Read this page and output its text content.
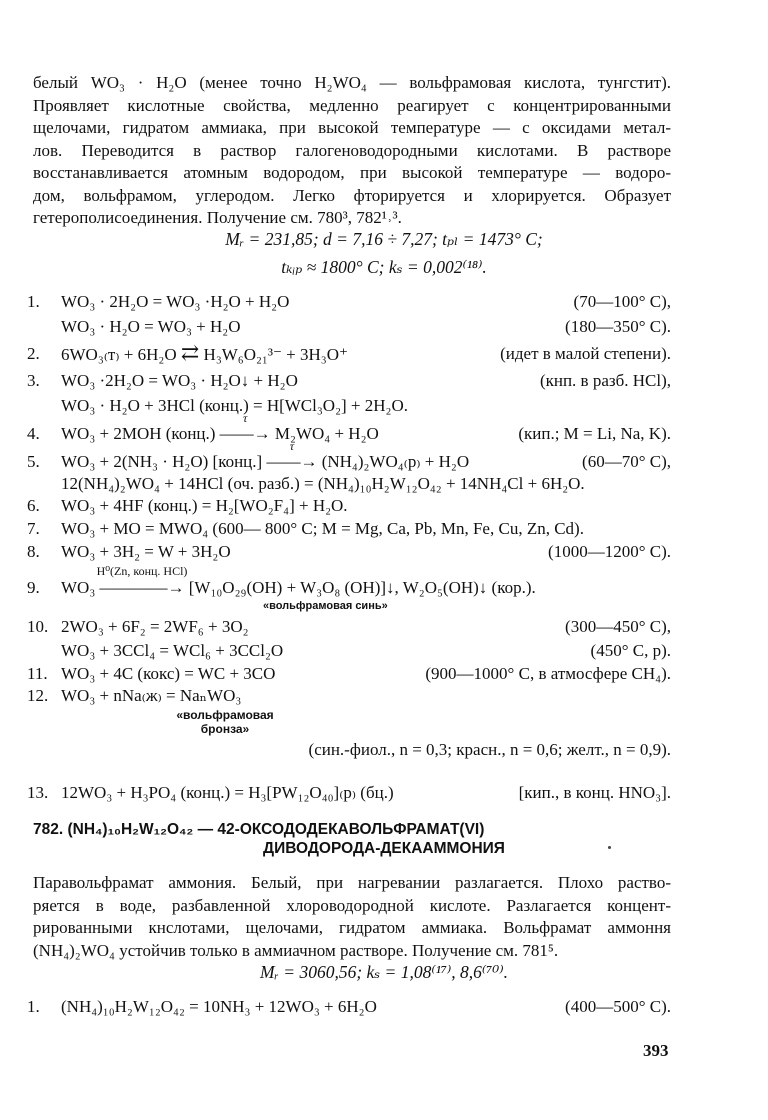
белый WO₃ · H₂O (менее точно H₂WO₄ — вольфрамовая кислота, тунгстит).
Проявляет кислотные свойства, медленно реагирует с концентрированными
щелочами, гидратом аммиака, при высокой температуре — с оксидами метал-
лов. Переводится в раствор галогеноводородными кислотами. В растворе
восстанавливается атомным водородом, при высокой температуре — водоро-
дом, вольфрамом, углеродом. Легко фторируется и хлорируется. Образует
гетерополисоединения. Получение см. 780³, 782¹˒³.
Mᵣ = 231,85; d = 7,16 ÷ 7,27; tₚₗ = 1473° C;
tₖᵢₚ ≈ 1800° C; kₛ = 0,002⁽¹⁸⁾.
1. WO₃ · 2H₂O = WO₃ ·H₂O + H₂O	(70—100° C),
WO₃ · H₂O = WO₃ + H₂O	(180—350° C).
2. 6WO₃₍т₎ + 6H₂O ⇄ H₃W₆O₂₁³⁻ + 3H₃O⁺	(идет в малой степени).
3. WO₃ ·2H₂O = WO₃ · H₂O↓ + H₂O	(кнп. в разб. HCl),
WO₃ · H₂O + 3HCl (конц.) = H[WCl₃O₂] + 2H₂O.
4. WO₃ + 2MOH (конц.)
τ
——→ M₂WO₄ + H₂O	(кип.; M = Li, Na, K).
5. WO₃ + 2(NH₃ · H₂O) [конц.]
τ
——→ (NH₄)₂WO₄₍р₎ + H₂O	(60—70° C),
12(NH₄)₂WO₄ + 14HCl (оч. разб.) = (NH₄)₁₀H₂W₁₂O₄₂ + 14NH₄Cl + 6H₂O.
6. WO₃ + 4HF (конц.) = H₂[WO₂F₄] + H₂O.
7. WO₃ + MO = MWO₄ (600— 800° C; M = Mg, Ca, Pb, Mn, Fe, Cu, Zn, Cd).
8. WO₃ + 3H₂ = W + 3H₂O	(1000—1200° C).
9. WO₃
H⁰(Zn, конц. HCl)
————→ [W₁₀O₂₉(OH) + W₃O₈ (OH)]↓, W₂O₅(OH)↓ (кор.).
«вольфрамовая синь»
10. 2WO₃ + 6F₂ = 2WF₆ + 3O₂	(300—450° C),
WO₃ + 3CCl₄ = WCl₆ + 3CCl₂O	(450° C, p).
11. WO₃ + 4C (кокс) = WC + 3CO	(900—1000° C, в атмосфере CH₄).
12. WO₃ + nNa₍ж₎ = NaₙWO₃
«вольфрамовая
бронза»
(син.-фиол., n = 0,3; красн., n = 0,6; желт., n = 0,9).
13. 12WO₃ + H₃PO₄ (конц.) = H₃[PW₁₂O₄₀]₍р₎ (бц.)	[кип., в конц. HNO₃].
782. (NH₄)₁₀H₂W₁₂O₄₂ — 42-ОКСОДОДЕКАВОЛЬФРАМАТ(VI)
ДИВОДОРОДА-ДЕКААММОНИЯ
Паравольфрамат аммония. Белый, при нагревании разлагается. Плохо раство-
ряется в воде, разбавленной хлороводородной кислоте. Разлагается концент-
рированными кнслотами, щелочами, гидратом аммиака. Вольфрамат аммоння
(NH₄)₂WO₄ устойчив только в аммиачном растворе. Получение см. 781⁵.
Mᵣ = 3060,56; kₛ = 1,08⁽¹⁷⁾, 8,6⁽⁷⁰⁾.
1. (NH₄)₁₀H₂W₁₂O₄₂ = 10NH₃ + 12WO₃ + 6H₂O	(400—500° C).
393
